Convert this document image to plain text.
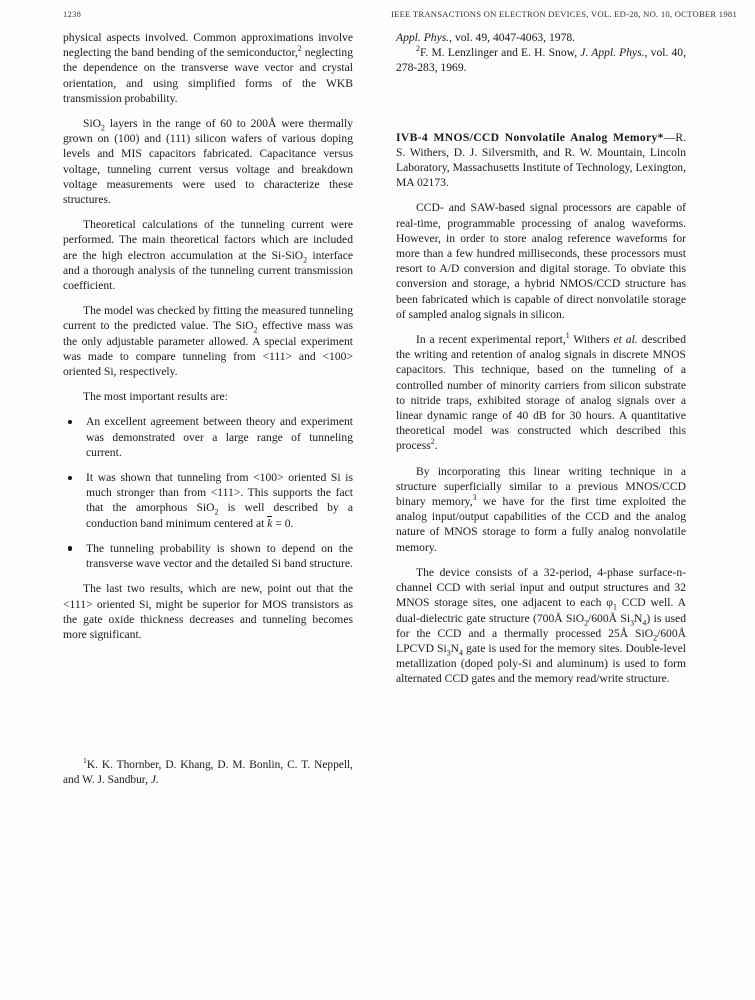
1238	IEEE TRANSACTIONS ON ELECTRON DEVICES, VOL. ED-28, NO. 10, OCTOBER 1981

physical aspects involved. Common approximations involve neglecting the band bending of the semiconductor,$^2$ neglecting the dependence on the transverse wave vector and crystal orientation, and using simplified forms of the WKB transmission probability.

SiO$_2$ layers in the range of 60 to 200Å were thermally grown on (100) and (111) silicon wafers of various doping levels and MIS capacitors fabricated. Capacitance versus voltage, tunneling current versus voltage and breakdown voltage measurements were used to characterize these structures.

Theoretical calculations of the tunneling current were performed. The main theoretical factors which are included are the high electron accumulation at the Si-SiO$_2$ interface and a thorough analysis of the tunneling current transmission coefficient.

The model was checked by fitting the measured tunneling current to the predicted value. The SiO$_2$ effective mass was the only adjustable parameter allowed. A special experiment was made to compare tunneling from <111> and <100> oriented Si, respectively.

The most important results are:

An excellent agreement between theory and experiment was demonstrated over a large range of tunneling current.
It was shown that tunneling from <100> oriented Si is much stronger than from <111>. This supports the fact that the amorphous SiO$_2$ is well described by a conduction band minimum centered at k = 0.
The tunneling probability is shown to depend on the transverse wave vector and the detailed Si band structure.

The last two results, which are new, point out that the <111> oriented Si, might be superior for MOS transistors as the gate oxide thickness decreases and tunneling becomes more significant.

$^1$K. K. Thornber, D. Khang, D. M. Bonlin, C. T. Neppell, and W. J. Sandbur, J.

Appl. Phys., vol. 49, 4047-4063, 1978.

$^2$F. M. Lenzlinger and E. H. Snow, J. Appl. Phys., vol. 40, 278-283, 1969.

IVB-4 MNOS/CCD Nonvolatile Analog Memory*—R. S. Withers, D. J. Silversmith, and R. W. Mountain, Lincoln Laboratory, Massachusetts Institute of Technology, Lexington, MA 02173.

CCD- and SAW-based signal processors are capable of real-time, programmable processing of analog waveforms. However, in order to store analog reference waveforms for more than a few hundred milliseconds, these processors must resort to A/D conversion and digital storage. To obviate this conversion and storage, a hybrid NMOS/CCD structure has been fabricated which is capable of direct nonvolatile storage of sampled analog signals in silicon.

In a recent experimental report,$^1$ Withers et al. described the writing and retention of analog signals in discrete MNOS capacitors. This technique, based on the tunneling of a controlled number of minority carriers from silicon substrate to nitride traps, exhibited storage of analog signals over a linear dynamic range of 40 dB for 30 hours. A quantitative theoretical model was constructed which described this process$^2$.

By incorporating this linear writing technique in a structure superficially similar to a previous MNOS/CCD binary memory,$^3$ we have for the first time exploited the analog input/output capabilities of the CCD and the analog nature of MNOS storage to form a fully analog nonvolatile memory.

The device consists of a 32-period, 4-phase surface-n-channel CCD with serial input and output structures and 32 MNOS storage sites, one adjacent to each $\varphi_1$ CCD well. A dual-dielectric gate structure (700Å SiO$_2$/600Å $Si_3N_4$) is used for the CCD and a thermally processed 25Å SiO$_2$/600Å LPCVD $Si_3N_4$ gate is used for the memory sites. Double-level metallization (doped poly-Si and aluminum) is used to form alternated CCD gates and the memory read/write structure.
